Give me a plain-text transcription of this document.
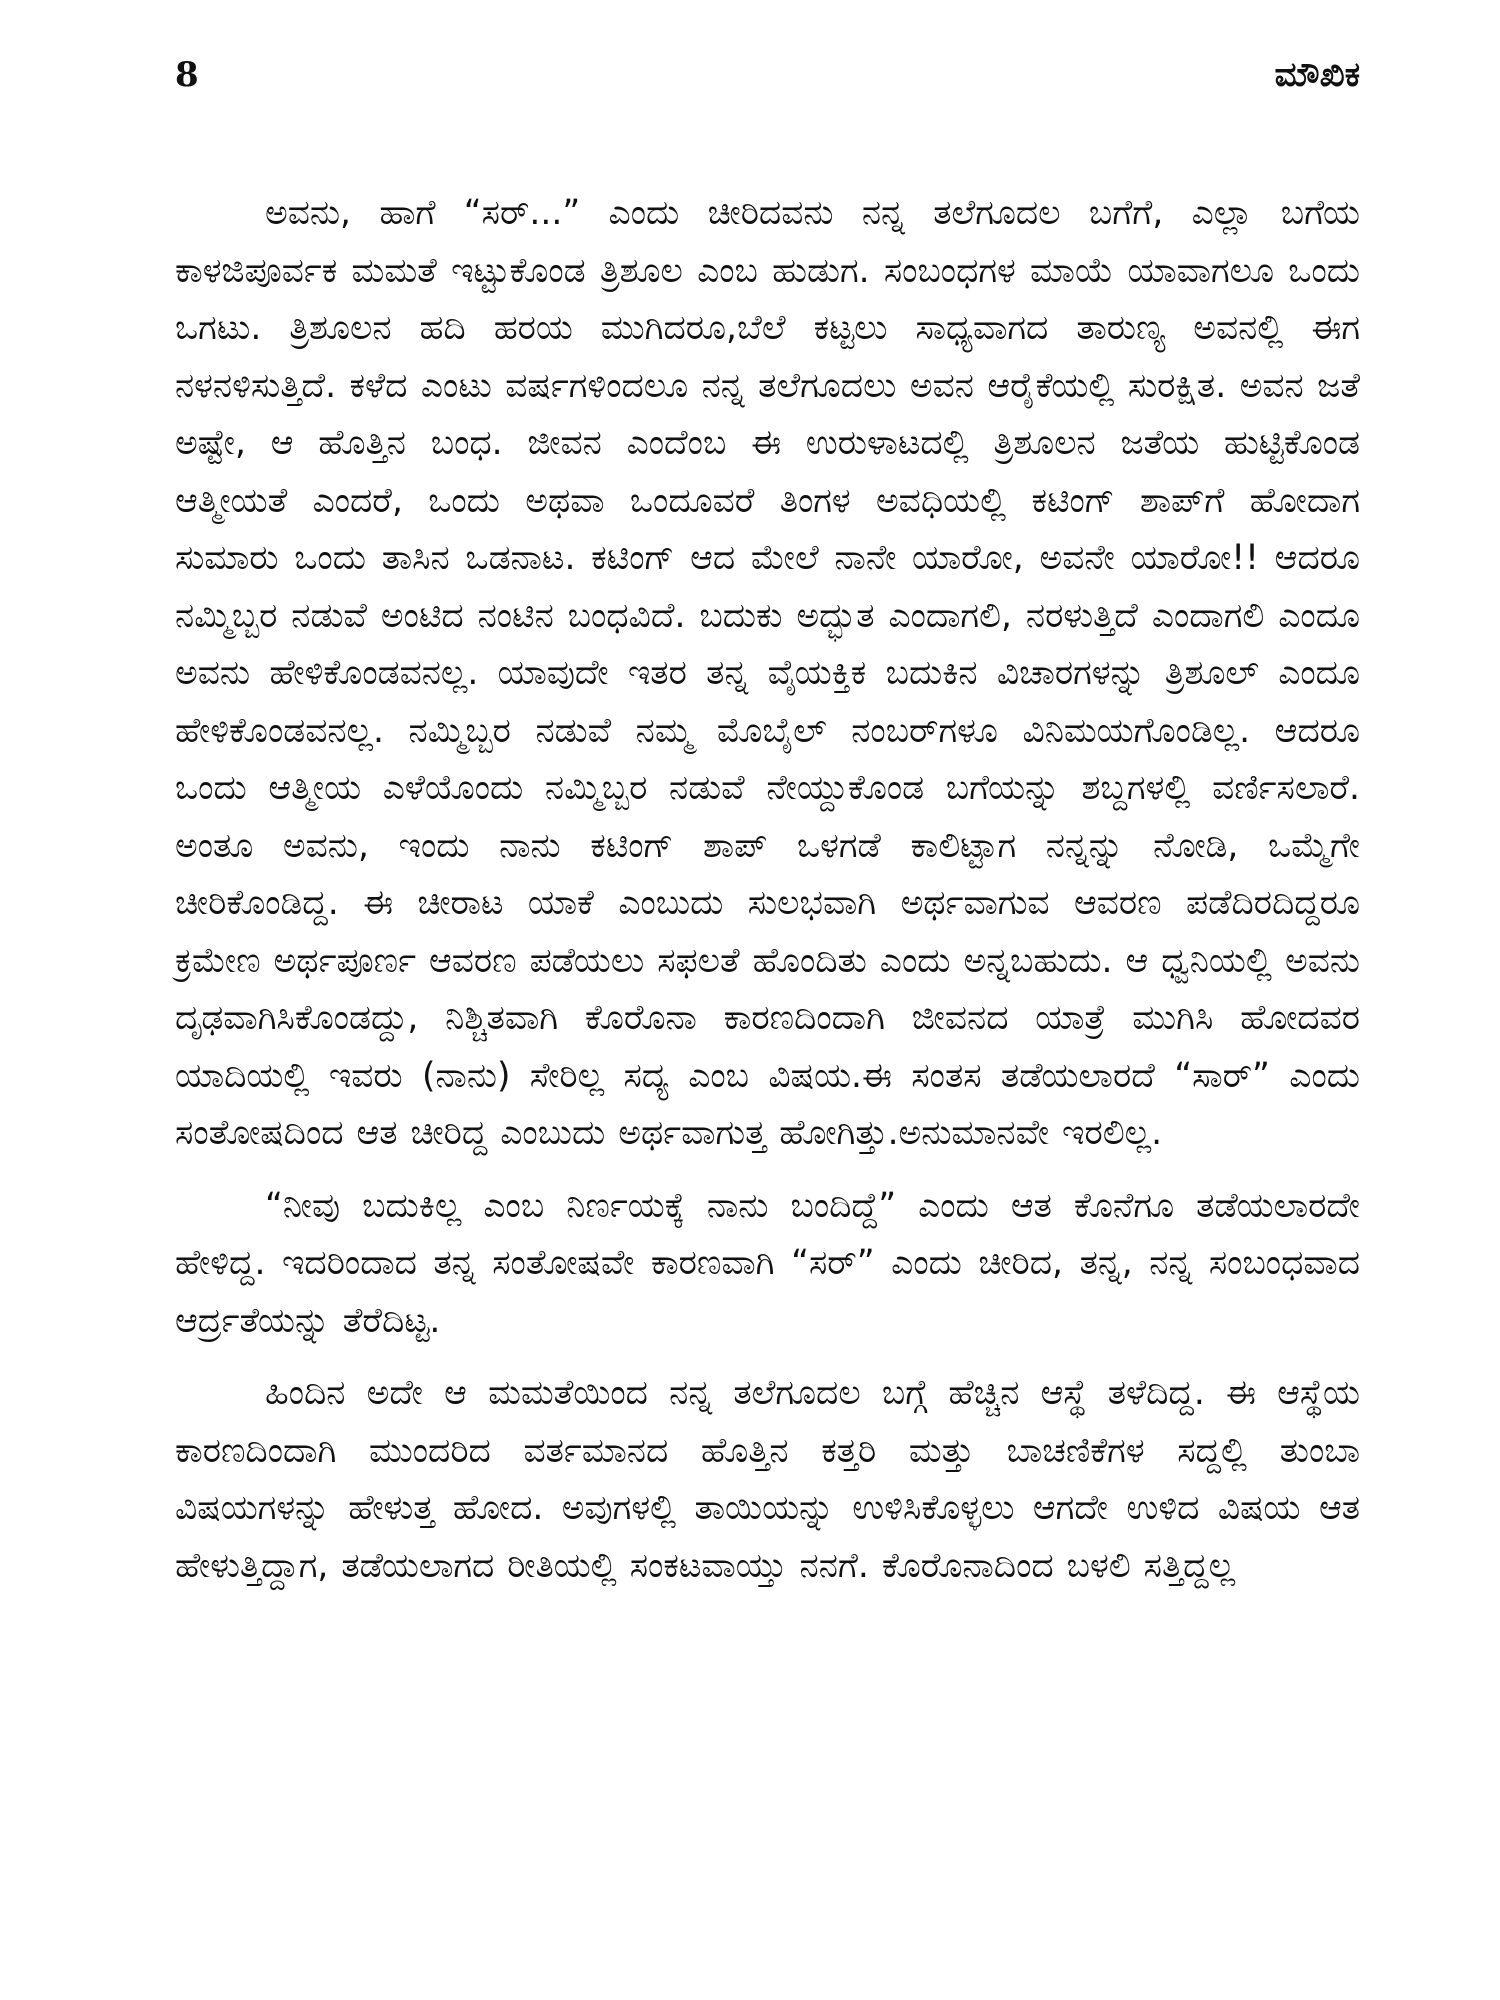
8	ಮೌಖಿಕ

ಅವನು, ಹಾಗೆ “ಸರ್...” ಎಂದು ಚೀರಿದವನು ನನ್ನ ತಲೆಗೂದಲ ಬಗೆಗೆ, ಎಲ್ಲಾ ಬಗೆಯ ಕಾಳಜಿಪೂರ್ವಕ ಮಮತೆ ಇಟ್ಟುಕೊಂಡ ತ್ರಿಶೂಲ ಎಂಬ ಹುಡುಗ. ಸಂಬಂಧಗಳ ಮಾಯೆ ಯಾವಾಗಲೂ ಒಂದು ಒಗಟು. ತ್ರಿಶೂಲನ ಹದಿ ಹರಯ ಮುಗಿದರೂ,ಬೆಲೆ ಕಟ್ಟಲು ಸಾಧ್ಯವಾಗದ ತಾರುಣ್ಯ ಅವನಲ್ಲಿ ಈಗ ನಳನಳಿಸುತ್ತಿದೆ. ಕಳೆದ ಎಂಟು ವರ್ಷಗಳಿಂದಲೂ ನನ್ನ ತಲೆಗೂದಲು ಅವನ ಆರೈಕೆಯಲ್ಲಿ ಸುರಕ್ಷಿತ. ಅವನ ಜತೆ ಅಷ್ಟೇ, ಆ ಹೊತ್ತಿನ ಬಂಧ. ಜೀವನ ಎಂದೆಂಬ ಈ ಉರುಳಾಟದಲ್ಲಿ ತ್ರಿಶೂಲನ ಜತೆಯ ಹುಟ್ಟಿಕೊಂಡ ಆತ್ಮೀಯತೆ ಎಂದರೆ, ಒಂದು ಅಥವಾ ಒಂದೂವರೆ ತಿಂಗಳ ಅವಧಿಯಲ್ಲಿ ಕಟಿಂಗ್ ಶಾಪ್‌ಗೆ ಹೋದಾಗ ಸುಮಾರು ಒಂದು ತಾಸಿನ ಒಡನಾಟ. ಕಟಿಂಗ್ ಆದ ಮೇಲೆ ನಾನೇ ಯಾರೋ, ಅವನೇ ಯಾರೋ!! ಆದರೂ ನಮ್ಮಿಬ್ಬರ ನಡುವೆ ಅಂಟಿದ ನಂಟಿನ ಬಂಧವಿದೆ. ಬದುಕು ಅದ್ಭುತ ಎಂದಾಗಲಿ, ನರಳುತ್ತಿದೆ ಎಂದಾಗಲಿ ಎಂದೂ ಅವನು ಹೇಳಿಕೊಂಡವನಲ್ಲ. ಯಾವುದೇ ಇತರ ತನ್ನ ವೈಯಕ್ತಿಕ ಬದುಕಿನ ವಿಚಾರಗಳನ್ನು ತ್ರಿಶೂಲ್ ಎಂದೂ ಹೇಳಿಕೊಂಡವನಲ್ಲ. ನಮ್ಮಿಬ್ಬರ ನಡುವೆ ನಮ್ಮ ಮೊಬೈಲ್ ನಂಬರ್‌ಗಳೂ ವಿನಿಮಯಗೊಂಡಿಲ್ಲ. ಆದರೂ ಒಂದು ಆತ್ಮೀಯ ಎಳೆಯೊಂದು ನಮ್ಮಿಬ್ಬರ ನಡುವೆ ನೇಯ್ದುಕೊಂಡ ಬಗೆಯನ್ನು ಶಬ್ದಗಳಲ್ಲಿ ವರ್ಣಿಸಲಾರೆ. ಅಂತೂ ಅವನು, ಇಂದು ನಾನು ಕಟಿಂಗ್ ಶಾಪ್ ಒಳಗಡೆ ಕಾಲಿಟ್ಟಾಗ ನನ್ನನ್ನು ನೋಡಿ, ಒಮ್ಮೆಗೇ ಚೀರಿಕೊಂಡಿದ್ದ. ಈ ಚೀರಾಟ ಯಾಕೆ ಎಂಬುದು ಸುಲಭವಾಗಿ ಅರ್ಥವಾಗುವ ಆವರಣ ಪಡೆದಿರದಿದ್ದರೂ ಕ್ರಮೇಣ ಅರ್ಥಪೂರ್ಣ ಆವರಣ ಪಡೆಯಲು ಸಫಲತೆ ಹೊಂದಿತು ಎಂದು ಅನ್ನಬಹುದು. ಆ ಧ್ವನಿಯಲ್ಲಿ ಅವನು ದೃಢವಾಗಿಸಿಕೊಂಡದ್ದು, ನಿಶ್ಚಿತವಾಗಿ ಕೊರೊನಾ ಕಾರಣದಿಂದಾಗಿ ಜೀವನದ ಯಾತ್ರೆ ಮುಗಿಸಿ ಹೋದವರ ಯಾದಿಯಲ್ಲಿ ಇವರು (ನಾನು) ಸೇರಿಲ್ಲ ಸದ್ಯ ಎಂಬ ವಿಷಯ.ಈ ಸಂತಸ ತಡೆಯಲಾರದೆ “ಸಾರ್” ಎಂದು ಸಂತೋಷದಿಂದ ಆತ ಚೀರಿದ್ದ ಎಂಬುದು ಅರ್ಥವಾಗುತ್ತ ಹೋಗಿತ್ತು.ಅನುಮಾನವೇ ಇರಲಿಲ್ಲ.

“ನೀವು ಬದುಕಿಲ್ಲ ಎಂಬ ನಿರ್ಣಯಕ್ಕೆ ನಾನು ಬಂದಿದ್ದೆ” ಎಂದು ಆತ ಕೊನೆಗೂ ತಡೆಯಲಾರದೇ ಹೇಳಿದ್ದ. ಇದರಿಂದಾದ ತನ್ನ ಸಂತೋಷವೇ ಕಾರಣವಾಗಿ “ಸರ್” ಎಂದು ಚೀರಿದ, ತನ್ನ, ನನ್ನ ಸಂಬಂಧವಾದ ಆರ್ದ್ರತೆಯನ್ನು ತೆರೆದಿಟ್ಟ.

ಹಿಂದಿನ ಅದೇ ಆ ಮಮತೆಯಿಂದ ನನ್ನ ತಲೆಗೂದಲ ಬಗ್ಗೆ ಹೆಚ್ಚಿನ ಆಸ್ಥೆ ತಳೆದಿದ್ದ. ಈ ಆಸ್ಥೆಯ ಕಾರಣದಿಂದಾಗಿ ಮುಂದರಿದ ವರ್ತಮಾನದ ಹೊತ್ತಿನ ಕತ್ತರಿ ಮತ್ತು ಬಾಚಣಿಕೆಗಳ ಸದ್ದಲ್ಲಿ ತುಂಬಾ ವಿಷಯಗಳನ್ನು ಹೇಳುತ್ತ ಹೋದ. ಅವುಗಳಲ್ಲಿ ತಾಯಿಯನ್ನು ಉಳಿಸಿಕೊಳ್ಳಲು ಆಗದೇ ಉಳಿದ ವಿಷಯ ಆತ ಹೇಳುತ್ತಿದ್ದಾಗ, ತಡೆಯಲಾಗದ ರೀತಿಯಲ್ಲಿ ಸಂಕಟವಾಯ್ತು ನನಗೆ. ಕೊರೊನಾದಿಂದ ಬಳಲಿ ಸತ್ತಿದ್ದಲ್ಲ
